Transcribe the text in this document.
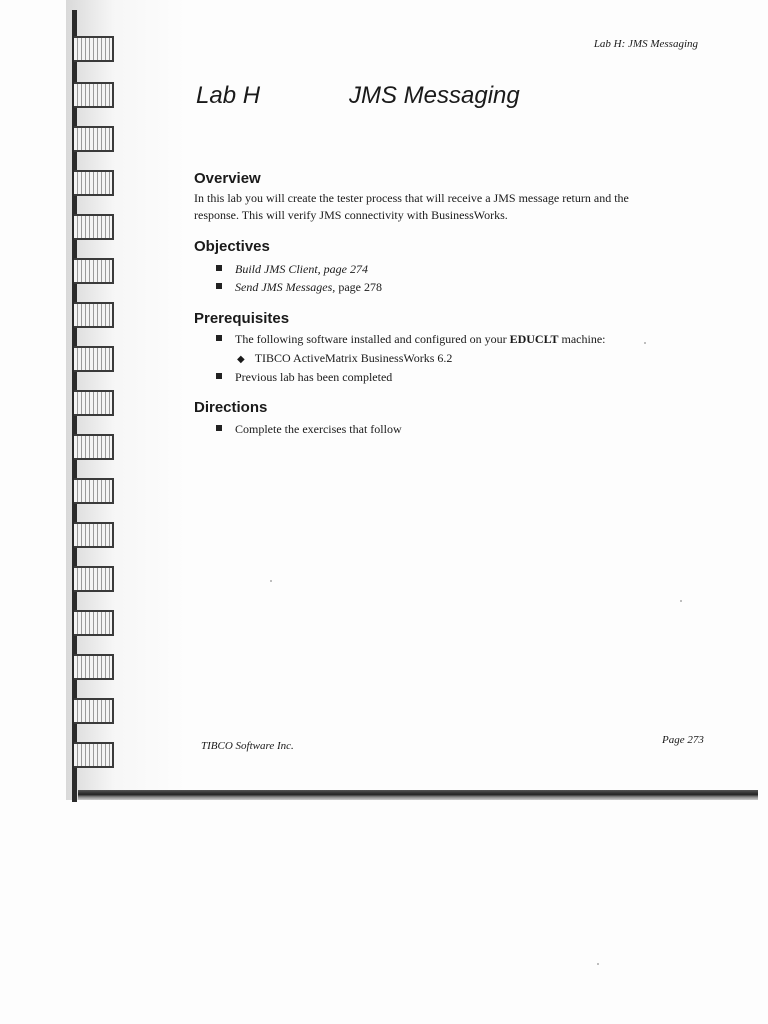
Lab H: JMS Messaging
Lab H	JMS Messaging
Overview
In this lab you will create the tester process that will receive a JMS message return and the
response. This will verify JMS connectivity with BusinessWorks.
Objectives
Build JMS Client, page 274
Send JMS Messages, page 278
Prerequisites
The following software installed and configured on your EDUCLT machine:
◆ TIBCO ActiveMatrix BusinessWorks 6.2
Previous lab has been completed
Directions
Complete the exercises that follow
TIBCO Software Inc.	Page 273
